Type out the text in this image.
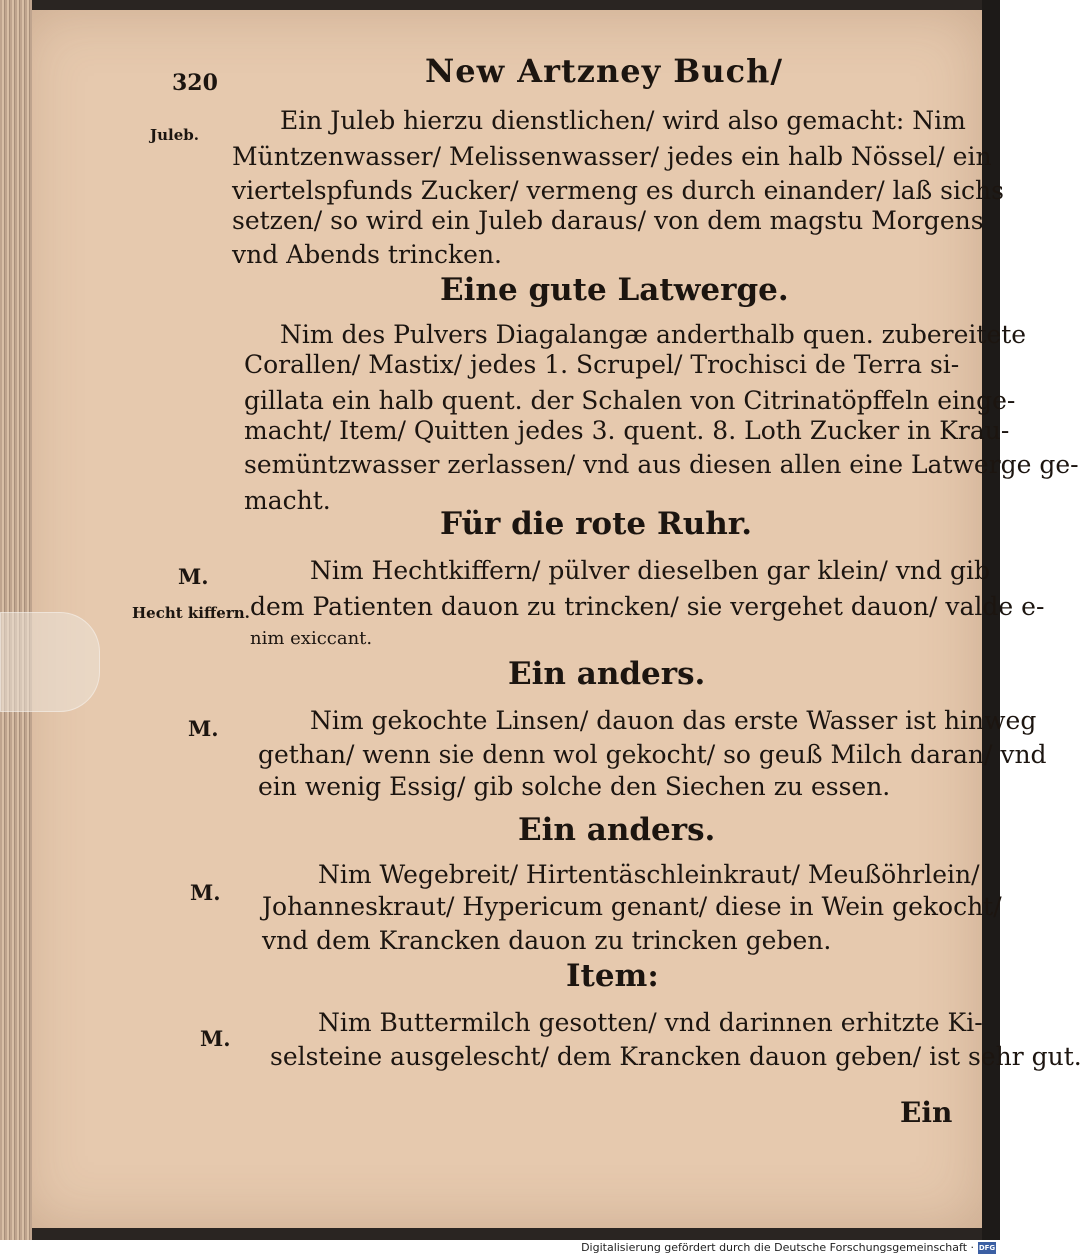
320	New Artzney Buch/
Juleb.	Ein Juleb hierzu dienstlichen/ wird also gemacht: Nim
Müntzenwasser/ Melissenwasser/ jedes ein halb Nössel/ ein
viertelspfunds Zucker/ vermeng es durch einander/ laß sichs
setzen/ so wird ein Juleb daraus/ von dem magstu Morgens
vnd Abends trincken.
Eine gute Latwerge.
Nim des Pulvers Diagalangæ anderthalb quen. zubereitete
Corallen/ Mastix/ jedes 1. Scrupel/ Trochisci de Terra si-
gillata ein halb quent. der Schalen von Citrinatöpffeln einge-
macht/ Item/ Quitten jedes 3. quent. 8. Loth Zucker in Krau-
semüntzwasser zerlassen/ vnd aus diesen allen eine Latwerge ge-
macht.
Für die rote Ruhr.
M.
Hecht kiffern.
Nim Hechtkiffern/ pülver dieselben gar klein/ vnd gib
dem Patienten dauon zu trincken/ sie vergehet dauon/ valde e-
nim exiccant.
Ein anders.
M.	Nim gekochte Linsen/ dauon das erste Wasser ist hinweg
gethan/ wenn sie denn wol gekocht/ so geuß Milch daran/ vnd
ein wenig Essig/ gib solche den Siechen zu essen.
Ein anders.
M.
Nim Wegebreit/ Hirtentäschleinkraut/ Meußöhrlein/
Johanneskraut/ Hypericum genant/ diese in Wein gekocht/
vnd dem Krancken dauon zu trincken geben.
Item:
M.
Nim Buttermilch gesotten/ vnd darinnen erhitzte Ki-
selsteine ausgelescht/ dem Krancken dauon geben/ ist sehr gut.
Ein
Digitalisierung gefördert durch die Deutsche Forschungsgemeinschaft · DFG
